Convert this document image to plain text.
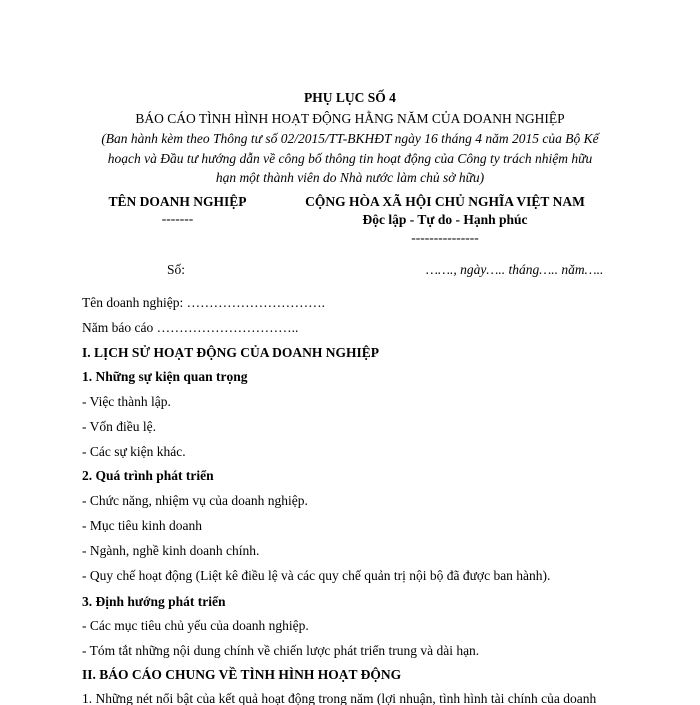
PHỤ LỤC SỐ 4
BÁO CÁO TÌNH HÌNH HOẠT ĐỘNG HẰNG NĂM CỦA DOANH NGHIỆP
(Ban hành kèm theo Thông tư số 02/2015/TT-BKHĐT ngày 16 tháng 4 năm 2015 của Bộ Kế
hoạch và Đầu tư hướng dẫn về công bố thông tin hoạt động của Công ty trách nhiệm hữu
hạn một thành viên do Nhà nước làm chủ sở hữu)
TÊN DOANH NGHIỆP
-------
CỘNG HÒA XÃ HỘI CHỦ NGHĨA VIỆT NAM
Độc lập - Tự do - Hạnh phúc
---------------
Số:	……., ngày….. tháng….. năm…..
Tên doanh nghiệp: ………………………….
Năm báo cáo …………………………..
I. LỊCH SỬ HOẠT ĐỘNG CỦA DOANH NGHIỆP
1. Những sự kiện quan trọng
- Việc thành lập.
- Vốn điều lệ.
- Các sự kiện khác.
2. Quá trình phát triển
- Chức năng, nhiệm vụ của doanh nghiệp.
- Mục tiêu kinh doanh
- Ngành, nghề kinh doanh chính.
- Quy chế hoạt động (Liệt kê điều lệ và các quy chế quản trị nội bộ đã được ban hành).
3. Định hướng phát triển
- Các mục tiêu chủ yếu của doanh nghiệp.
- Tóm tắt những nội dung chính về chiến lược phát triển trung và dài hạn.
II. BÁO CÁO CHUNG VỀ TÌNH HÌNH HOẠT ĐỘNG
1. Những nét nổi bật của kết quả hoạt động trong năm (lợi nhuận, tình hình tài chính của doanh
